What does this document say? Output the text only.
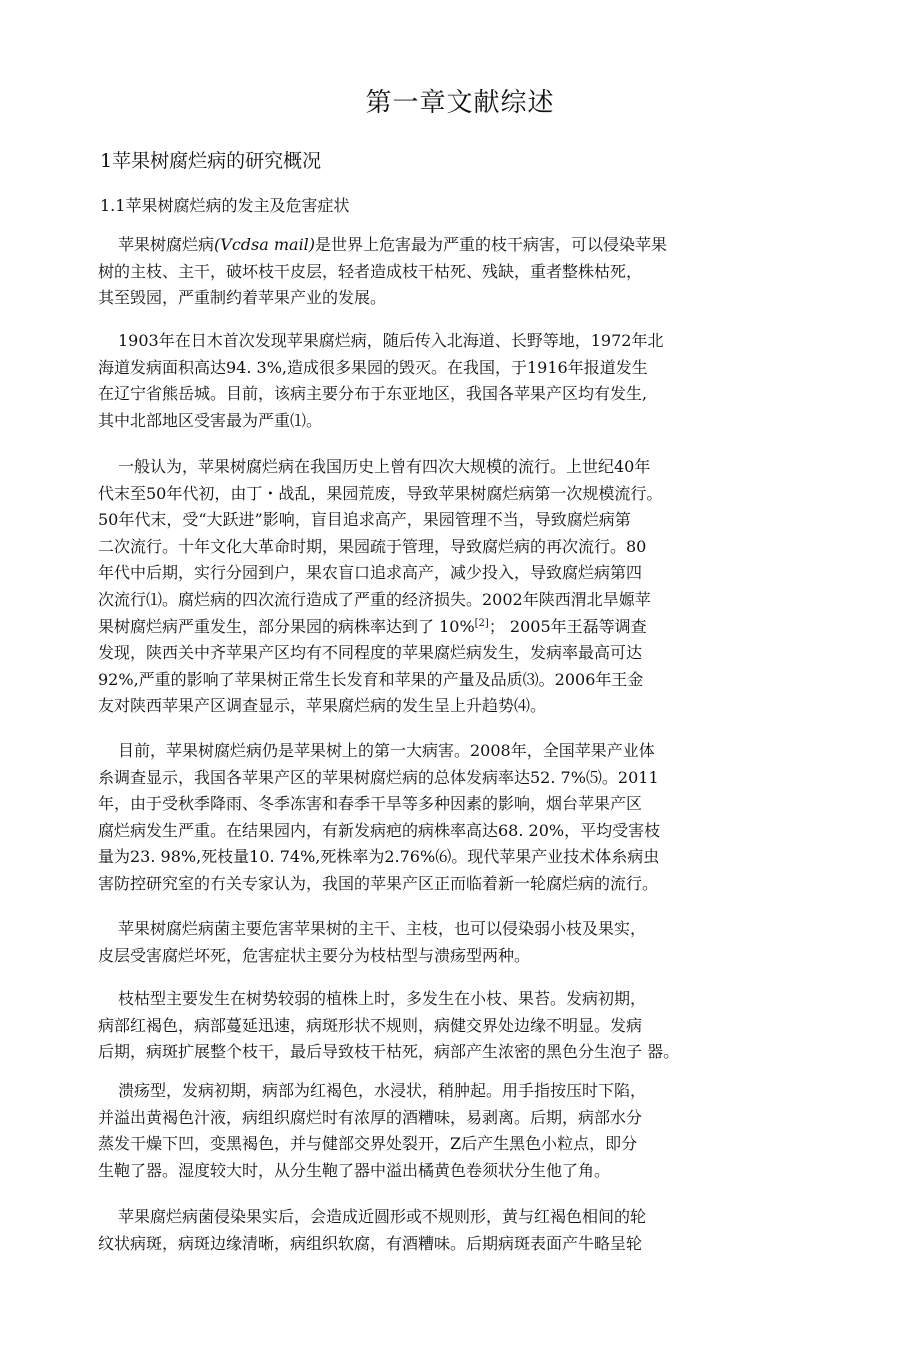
第一章文献综述
1苹果树腐烂病的研究概况
1.1苹果树腐烂病的发主及危害症状
苹果树腐烂病(Vcdsa mail)是世界上危害最为严重的枝干病害，可以侵染苹果
树的主枝、主干，破坏枝干皮层，轻者造成枝干枯死、残缺，重者整株枯死，
其至毁园，严重制约着苹果产业的发展。
1903年在日木首次发现苹果腐烂病，随后传入北海道、长野等地，1972年北
海道发病面积高达94. 3%,造成很多果园的毁灭。在我国，于1916年报道发生
在辽宁省熊岳城。目前，该病主要分布于东亚地区，我国各苹果产区均有发生,
其中北部地区受害最为严重⑴。
一般认为，苹果树腐烂病在我国历史上曾有四次大规模的流行。上世纪40年
代末至50年代初，由丁・战乱，果园荒废，导致苹果树腐烂病第一次规模流行。
50年代末，受“大跃进”影响，盲目追求高产，果园管理不当，导致腐烂病第
二次流行。十年文化大革命时期，果园疏于管理，导致腐烂病的再次流行。80
年代中后期，实行分园到户，果农盲口追求高产，减少投入，导致腐烂病第四
次流行⑴。腐烂病的四次流行造成了严重的经济损失。2002年陕西渭北旱嫄苹
果树腐烂病严重发生，部分果园的病株率达到了 10%[2]； 2005年王磊等调查
发现，陕西关中齐苹果产区均有不同程度的苹果腐烂病发生，发病率最高可达
92%,严重的影响了苹果树正常生长发育和苹果的产量及品质⑶。2006年王金
友对陕西苹果产区调查显示，苹果腐烂病的发生呈上升趋势⑷。
目前，苹果树腐烂病仍是苹果树上的第一大病害。2008年，全国苹果产业体
糸调查显示，我国各苹果产区的苹果树腐烂病的总体发病率达52. 7%⑸。2011
年，由于受秋季降雨、冬季冻害和春季干旱等多种因素的影响，烟台苹果产区
腐烂病发生严重。在结果园内，有新发病疤的病株率高达68. 20%，平均受害枝
量为23. 98%,死枝量10. 74%,死株率为2.76%⑹。现代苹果产业技术体糸病虫
害防控研究室的冇关专家认为，我国的苹果产区正而临着新一轮腐烂病的流行。
苹果树腐烂病菌主要危害苹果树的主干、主枝，也可以侵染弱小枝及果实，
皮层受害腐烂坏死，危害症状主要分为枝枯型与溃疡型两种。
枝枯型主要发生在树势较弱的植株上时，多发生在小枝、果苔。发病初期，
病部红褐色，病部蔓延迅速，病斑形状不规则，病健交界处边缘不明显。发病
后期，病斑扩展整个枝干，最后导致枝干枯死，病部产生浓密的黑色分生泡子 器。
溃疡型，发病初期，病部为红褐色，水浸状，稍肿起。用手指按压时下陷，
并溢出黄褐色汁液，病组织腐烂时有浓厚的酒糟味，易剥离。后期，病部水分
蒸发干燥下凹，变黑褐色，并与健部交界处裂开，Z后产生黑色小粒点，即分
生鞄了器。湿度较大时，从分生鞄了器中溢出橘黄色卷须状分生他了角。
苹果腐烂病菌侵染果实后，会造成近圆形或不规则形，黄与红褐色相间的轮
纹状病斑，病斑边缘清晰，病组织软腐，有酒糟味。后期病斑表面产牛略呈轮
